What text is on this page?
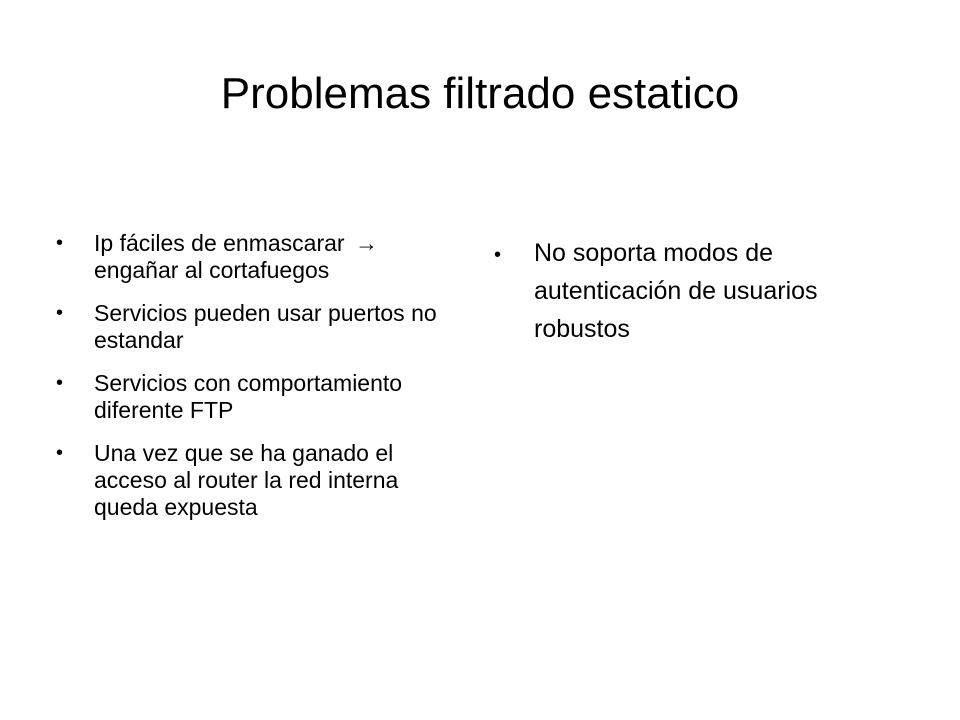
Problemas filtrado estatico
•	Ip fáciles de enmascarar →
engañar al cortafuegos
•	Servicios pueden usar puertos no estandar
•	Servicios con comportamiento diferente FTP
•	Una vez que se ha ganado el acceso al router la red interna queda expuesta
•	No soporta modos de autenticación de usuarios robustos
